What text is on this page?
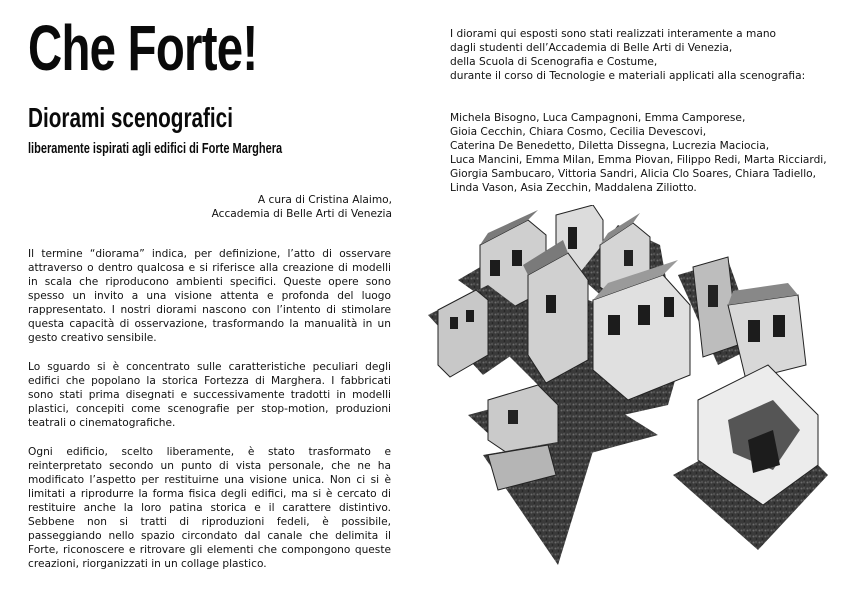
Che Forte!
Diorami scenografici
liberamente ispirati agli edifici di Forte Marghera
A cura di Cristina Alaimo,
Accademia di Belle Arti di Venezia

Il termine “diorama” indica, per definizione, l’atto di osservare attraverso o dentro qualcosa e si riferisce alla creazione di modelli in scala che riproducono ambienti specifici. Queste opere sono spesso un invito a una visione attenta e profonda del luogo rappresentato. I nostri diorami nascono con l’intento di stimolare questa capacità di osservazione, trasformando la manualità in un gesto creativo sensibile.

Lo sguardo si è concentrato sulle caratteristiche peculiari degli edifici che popolano la storica Fortezza di Marghera. I fabbricati sono stati prima disegnati e successivamente tradotti in modelli plastici, concepiti come scenografie per stop-motion, produzioni teatrali o cinematografiche.

Ogni edificio, scelto liberamente, è stato trasformato e reinterpretato secondo un punto di vista personale, che ne ha modificato l’aspetto per restituirne una visione unica. Non ci si è limitati a riprodurre la forma fisica degli edifici, ma si è cercato di restituire anche la loro patina storica e il carattere distintivo. Sebbene non si tratti di riproduzioni fedeli, è possibile, passeggiando nello spazio circondato dal canale che delimita il Forte, riconoscere e ritrovare gli elementi che compongono queste creazioni, riorganizzati in un collage plastico.

I diorami qui esposti sono stati realizzati interamente a mano
dagli studenti dell’Accademia di Belle Arti di Venezia,
della Scuola di Scenografia e Costume,
durante il corso di Tecnologie e materiali applicati alla scenografia:
Michela Bisogno, Luca Campagnoni, Emma Camporese,
Gioia Cecchin, Chiara Cosmo, Cecilia Devescovi,
Caterina De Benedetto, Diletta Dissegna, Lucrezia Maciocia,
Luca Mancini, Emma Milan, Emma Piovan, Filippo Redi, Marta Ricciardi,
Giorgia Sambucaro, Vittoria Sandri, Alicia Clo Soares, Chiara Tadiello,
Linda Vason, Asia Zecchin, Maddalena Ziliotto.
